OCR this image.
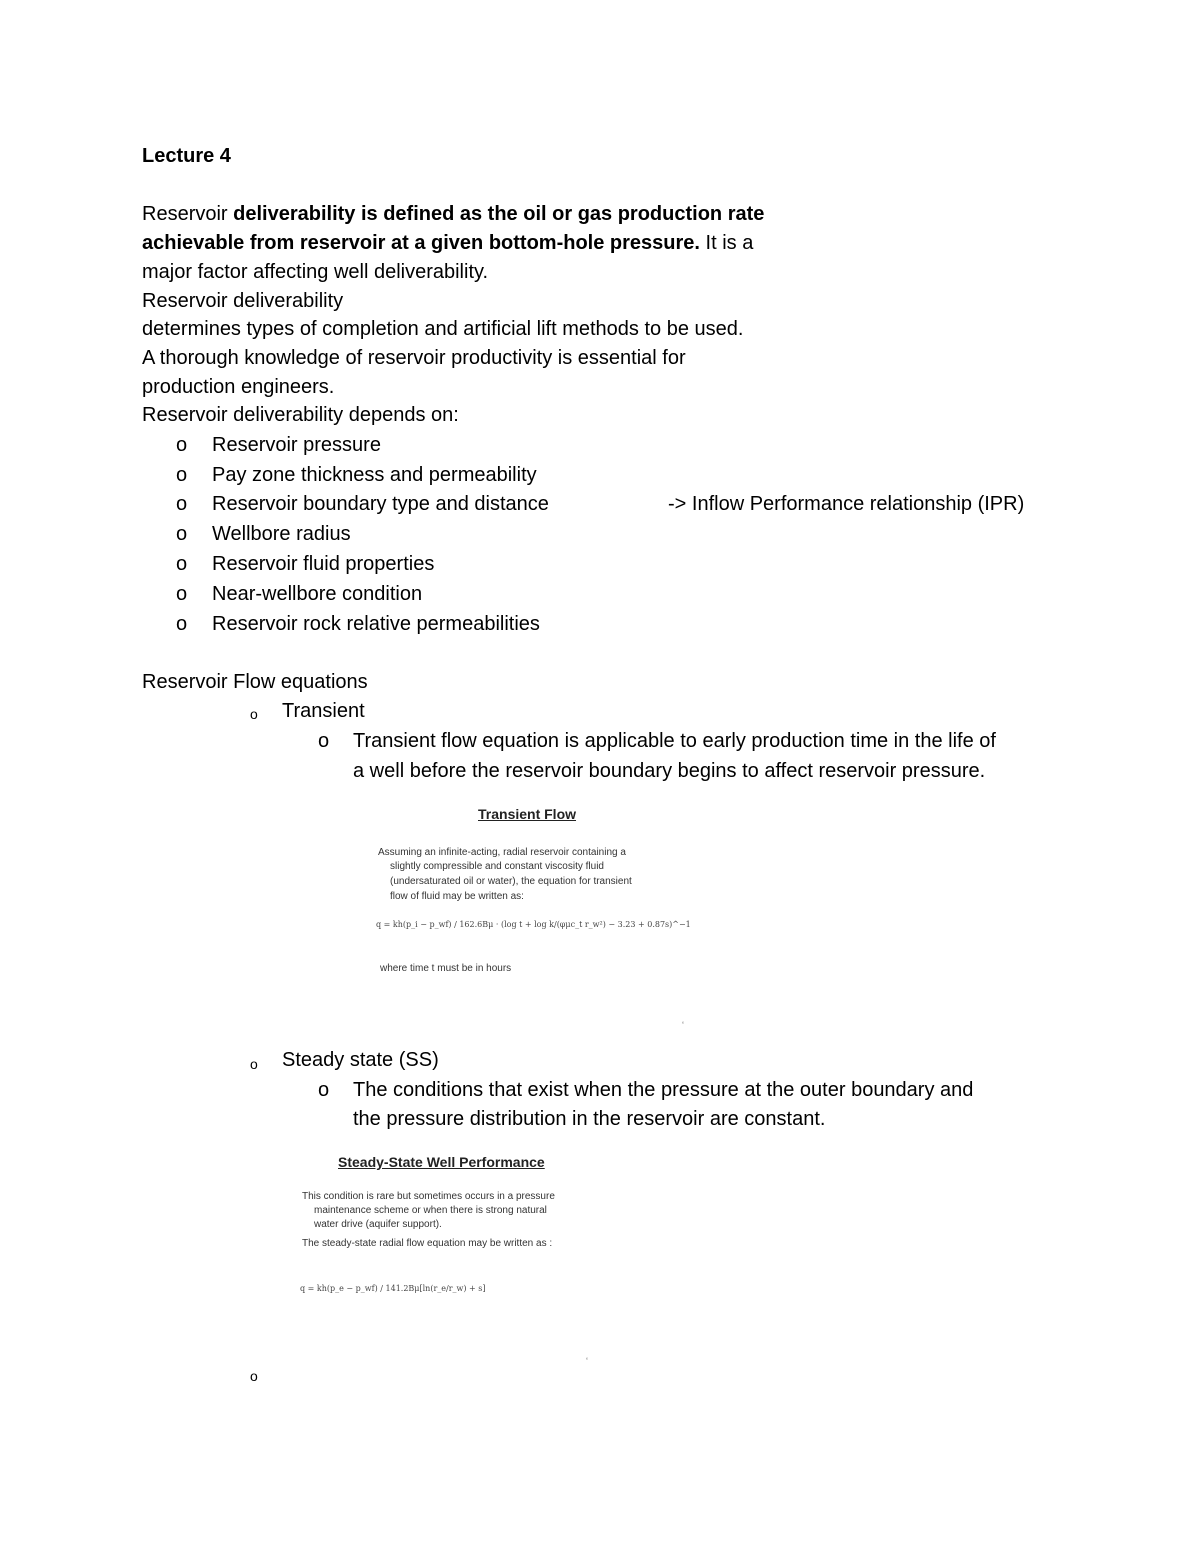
Lecture 4
Reservoir deliverability is defined as the oil or gas production rate
achievable from reservoir at a given bottom-hole pressure. It is a
major factor affecting well deliverability.
Reservoir deliverability
determines types of completion and artificial lift methods to be used.
A thorough knowledge of reservoir productivity is essential for
production engineers.
Reservoir deliverability depends on:
o Reservoir pressure
o Pay zone thickness and permeability
o Reservoir boundary type and distance
o Wellbore radius
o Reservoir fluid properties
o Near-wellbore condition
o Reservoir rock relative permeabilities
-> Inflow Performance relationship (IPR)
Reservoir Flow equations
o Transient
o Transient flow equation is applicable to early production time in the life of
a well before the reservoir boundary begins to affect reservoir pressure.
Transient Flow
Assuming an infinite-acting, radial reservoir containing a
slightly compressible and constant viscosity fluid
(undersaturated oil or water), the equation for transient
flow of fluid may be written as:
q = kh(p_i − p_wf) / 162.6Bμ · (log t + log k/(φμc_t r_w²) − 3.23 + 0.87s)^−1
where time t must be in hours
‘
o Steady state (SS)
o The conditions that exist when the pressure at the outer boundary and
the pressure distribution in the reservoir are constant.
Steady-State Well Performance
This condition is rare but sometimes occurs in a pressure
maintenance scheme or when there is strong natural
water drive (aquifer support).
The steady-state radial flow equation may be written as :
q = kh(p_e − p_wf) / 141.2Bμ[ln(r_e/r_w) + s]
‘
o
